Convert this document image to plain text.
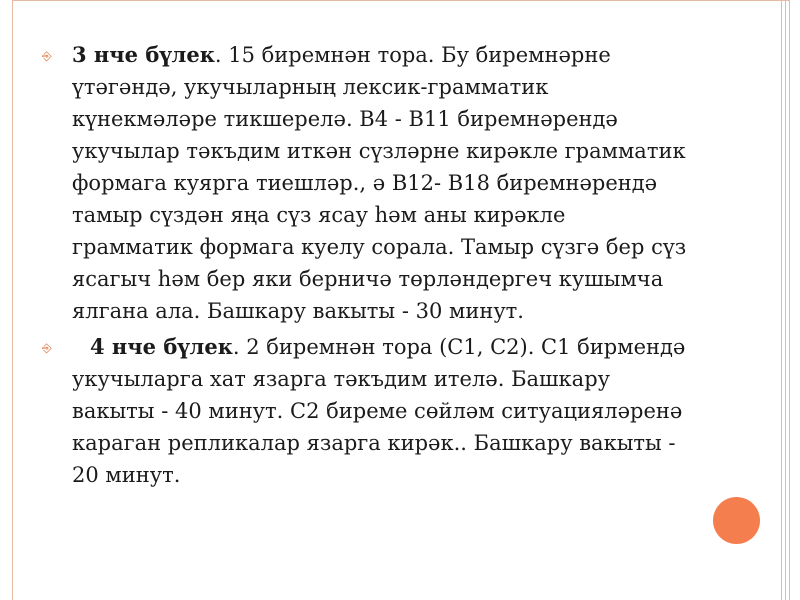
⎆ 3 нче бүлек. 15 биремнән тора. Бу биремнәрне үтәгәндә, укучыларның лексик-грамматик күнекмәләре тикшерелә. В4 - В11 биремнәрендә укучылар тәкъдим иткән сүзләрне кирәкле грамматик формага куярга тиешләр., ә В12- В18 биремнәрендә тамыр сүздән яңа сүз ясау һәм аны кирәкле грамматик формага куелу сорала. Тамыр сүзгә бер сүз ясагыч һәм бер яки берничә төрләндергеч кушымча ялгана ала. Башкару вакыты - 30 минут.
⎆	4 нче бүлек. 2 биремнән тора (С1, С2). С1 бирмендә укучыларга хат язарга тәкъдим ителә. Башкару вакыты - 40 минут. С2 биреме сөйләм ситуацияләренә караган репликалар язарга кирәк.. Башкару вакыты - 20 минут.
